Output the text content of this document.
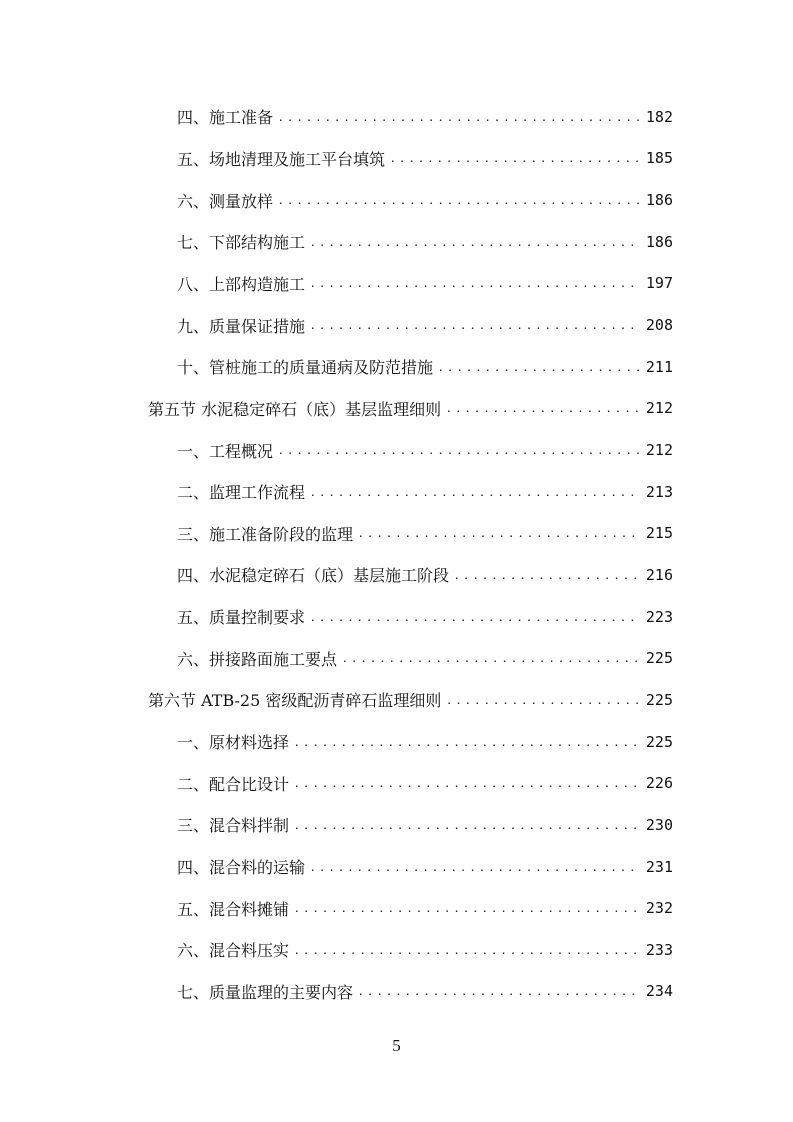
四、施工准备 . . .	182
五、场地清理及施工平台填筑 . . .	185
六、测量放样 . . .	186
七、下部结构施工 . . .	186
八、上部构造施工 . . .	197
九、质量保证措施 . . .	208
十、管桩施工的质量通病及防范措施 . . .	211
第五节 水泥稳定碎石（底）基层监理细则 . . .	212
一、工程概况 . . .	212
二、监理工作流程 . . .	213
三、施工准备阶段的监理 . . .	215
四、水泥稳定碎石（底）基层施工阶段 . . .	216
五、质量控制要求 . . .	223
六、拼接路面施工要点 . . .	225
第六节 ATB-25 密级配沥青碎石监理细则 . . .	225
一、原材料选择 . . .	225
二、配合比设计 . . .	226
三、混合料拌制 . . .	230
四、混合料的运输 . . .	231
五、混合料摊铺 . . .	232
六、混合料压实 . . .	233
七、质量监理的主要内容 . . .	234
5
